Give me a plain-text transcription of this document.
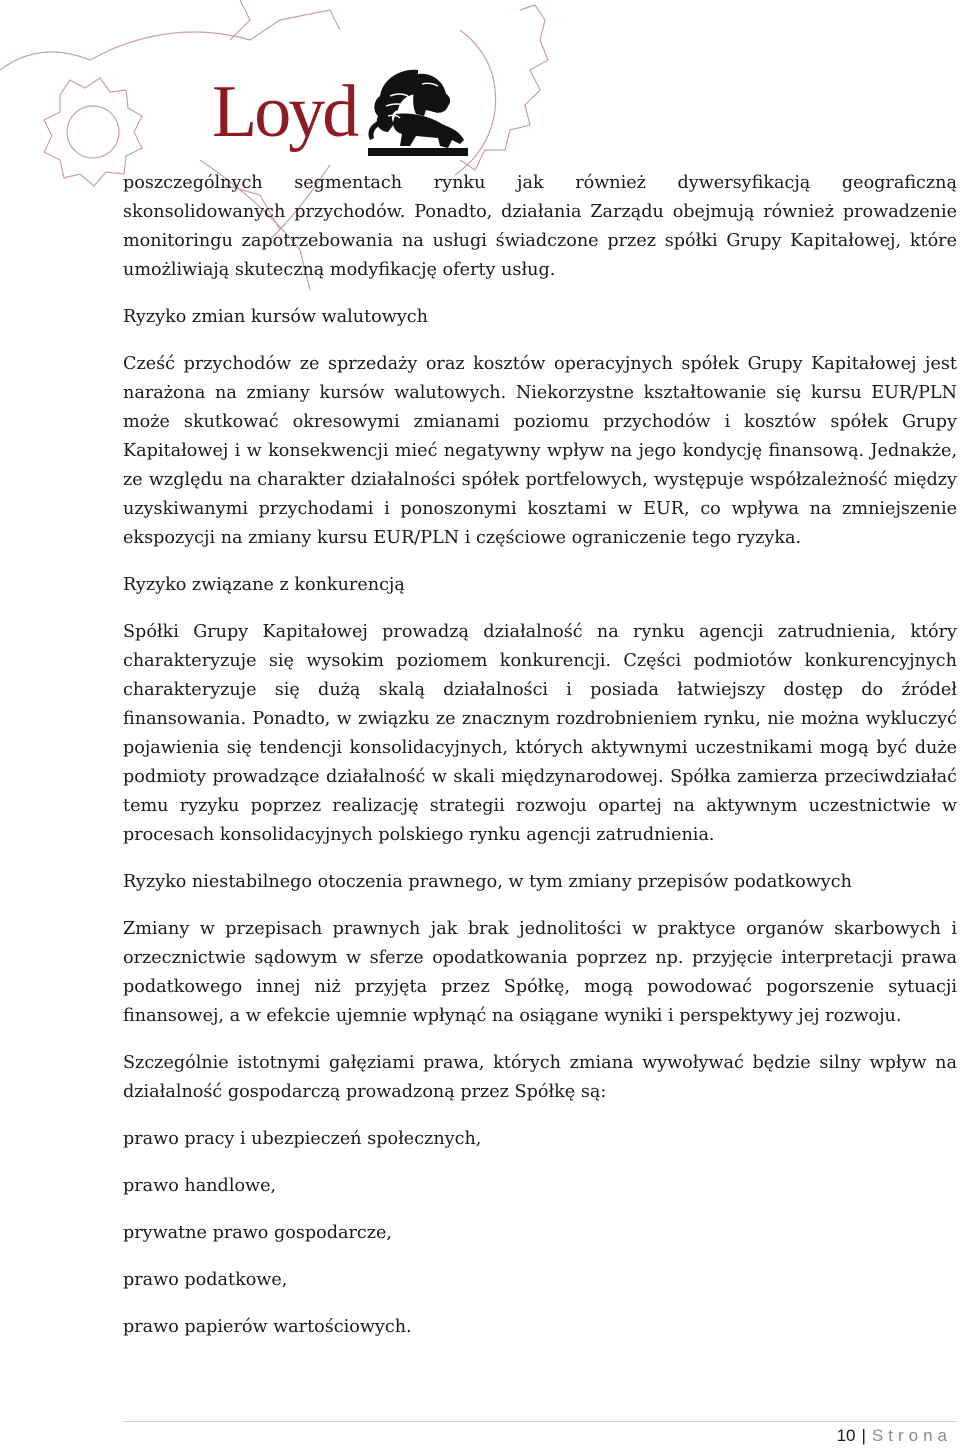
Loyd

poszczególnych segmentach rynku jak również dywersyfikacją geograficzną skonsolidowanych przychodów. Ponadto, działania Zarządu obejmują również prowadzenie monitoringu zapotrzebowania na usługi świadczone przez spółki Grupy Kapitałowej, które umożliwiają skuteczną modyfikację oferty usług.

Ryzyko zmian kursów walutowych

Cześć przychodów ze sprzedaży oraz kosztów operacyjnych spółek Grupy Kapitałowej jest narażona na zmiany kursów walutowych. Niekorzystne kształtowanie się kursu EUR/PLN może skutkować okresowymi zmianami poziomu przychodów i kosztów spółek Grupy Kapitałowej i w konsekwencji mieć negatywny wpływ na jego kondycję finansową. Jednakże, ze względu na charakter działalności spółek portfelowych, występuje współzależność między uzyskiwanymi przychodami i ponoszonymi kosztami w EUR, co wpływa na zmniejszenie ekspozycji na zmiany kursu EUR/PLN i częściowe ograniczenie tego ryzyka.

Ryzyko związane z konkurencją

Spółki Grupy Kapitałowej prowadzą działalność na rynku agencji zatrudnienia, który charakteryzuje się wysokim poziomem konkurencji. Części podmiotów konkurencyjnych charakteryzuje się dużą skalą działalności i posiada łatwiejszy dostęp do źródeł finansowania. Ponadto, w związku ze znacznym rozdrobnieniem rynku, nie można wykluczyć pojawienia się tendencji konsolidacyjnych, których aktywnymi uczestnikami mogą być duże podmioty prowadzące działalność w skali międzynarodowej. Spółka zamierza przeciwdziałać temu ryzyku poprzez realizację strategii rozwoju opartej na aktywnym uczestnictwie w procesach konsolidacyjnych polskiego rynku agencji zatrudnienia.

Ryzyko niestabilnego otoczenia prawnego, w tym zmiany przepisów podatkowych

Zmiany w przepisach prawnych jak brak jednolitości w praktyce organów skarbowych i orzecznictwie sądowym w sferze opodatkowania poprzez np. przyjęcie interpretacji prawa podatkowego innej niż przyjęta przez Spółkę, mogą powodować pogorszenie sytuacji finansowej, a w efekcie ujemnie wpłynąć na osiągane wyniki i perspektywy jej rozwoju.

Szczególnie istotnymi gałęziami prawa, których zmiana wywoływać będzie silny wpływ na działalność gospodarczą prowadzoną przez Spółkę są:

prawo pracy i ubezpieczeń społecznych,

prawo handlowe,

prywatne prawo gospodarcze,

prawo podatkowe,

prawo papierów wartościowych.

10 | Strona
